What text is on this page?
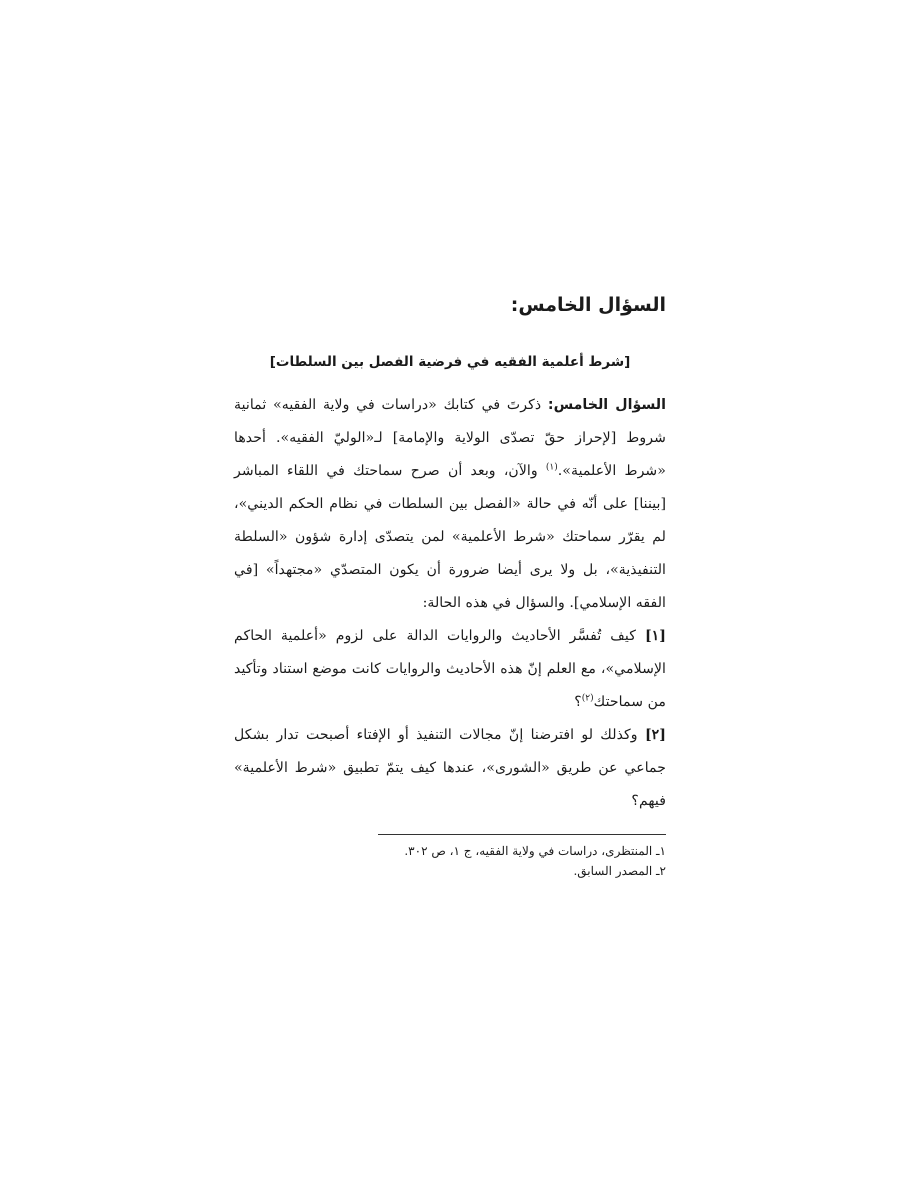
السؤال الخامس:
[شرط أعلمية الفقيه في فرضية الفصل بين السلطات]

السؤال الخامس: ذكرتَ في كتابك «دراسات في ولاية الفقيه» ثمانية شروط [لإحراز حقّ تصدّى الولاية والإمامة] لـ«الوليّ الفقيه». أحدها «شرط الأعلمية».$^{(١)}$ والآن، وبعد أن صرح سماحتك في اللقاء المباشر [بيننا] على أنّه في حالة «الفصل بين السلطات في نظام الحكم الديني»، لم يقرّر سماحتك «شرط الأعلمية» لمن يتصدّى إدارة شؤون «السلطة التنفيذية»، بل ولا يرى أيضا ضرورة أن يكون المتصدّي «مجتهداً» [في الفقه الإسلامي]. والسؤال في هذه الحالة:

[١] كيف تُفسَّر الأحاديث والروايات الدالة على لزوم «أعلمية الحاكم الإسلامي»، مع العلم إنّ هذه الأحاديث والروايات كانت موضع استناد وتأكيد من سماحتك$^{(٢)}$؟

[٢] وكذلك لو افترضنا إنّ مجالات التنفيذ أو الإفتاء أصبحت تدار بشكل جماعي عن طريق «الشورى»، عندها كيف يتمّ تطبيق «شرط الأعلمية» فيهم؟

١ـ المنتظرى، دراسات في ولاية الفقيه، ج ١، ص ٣٠٢.

٢ـ المصدر السابق.
